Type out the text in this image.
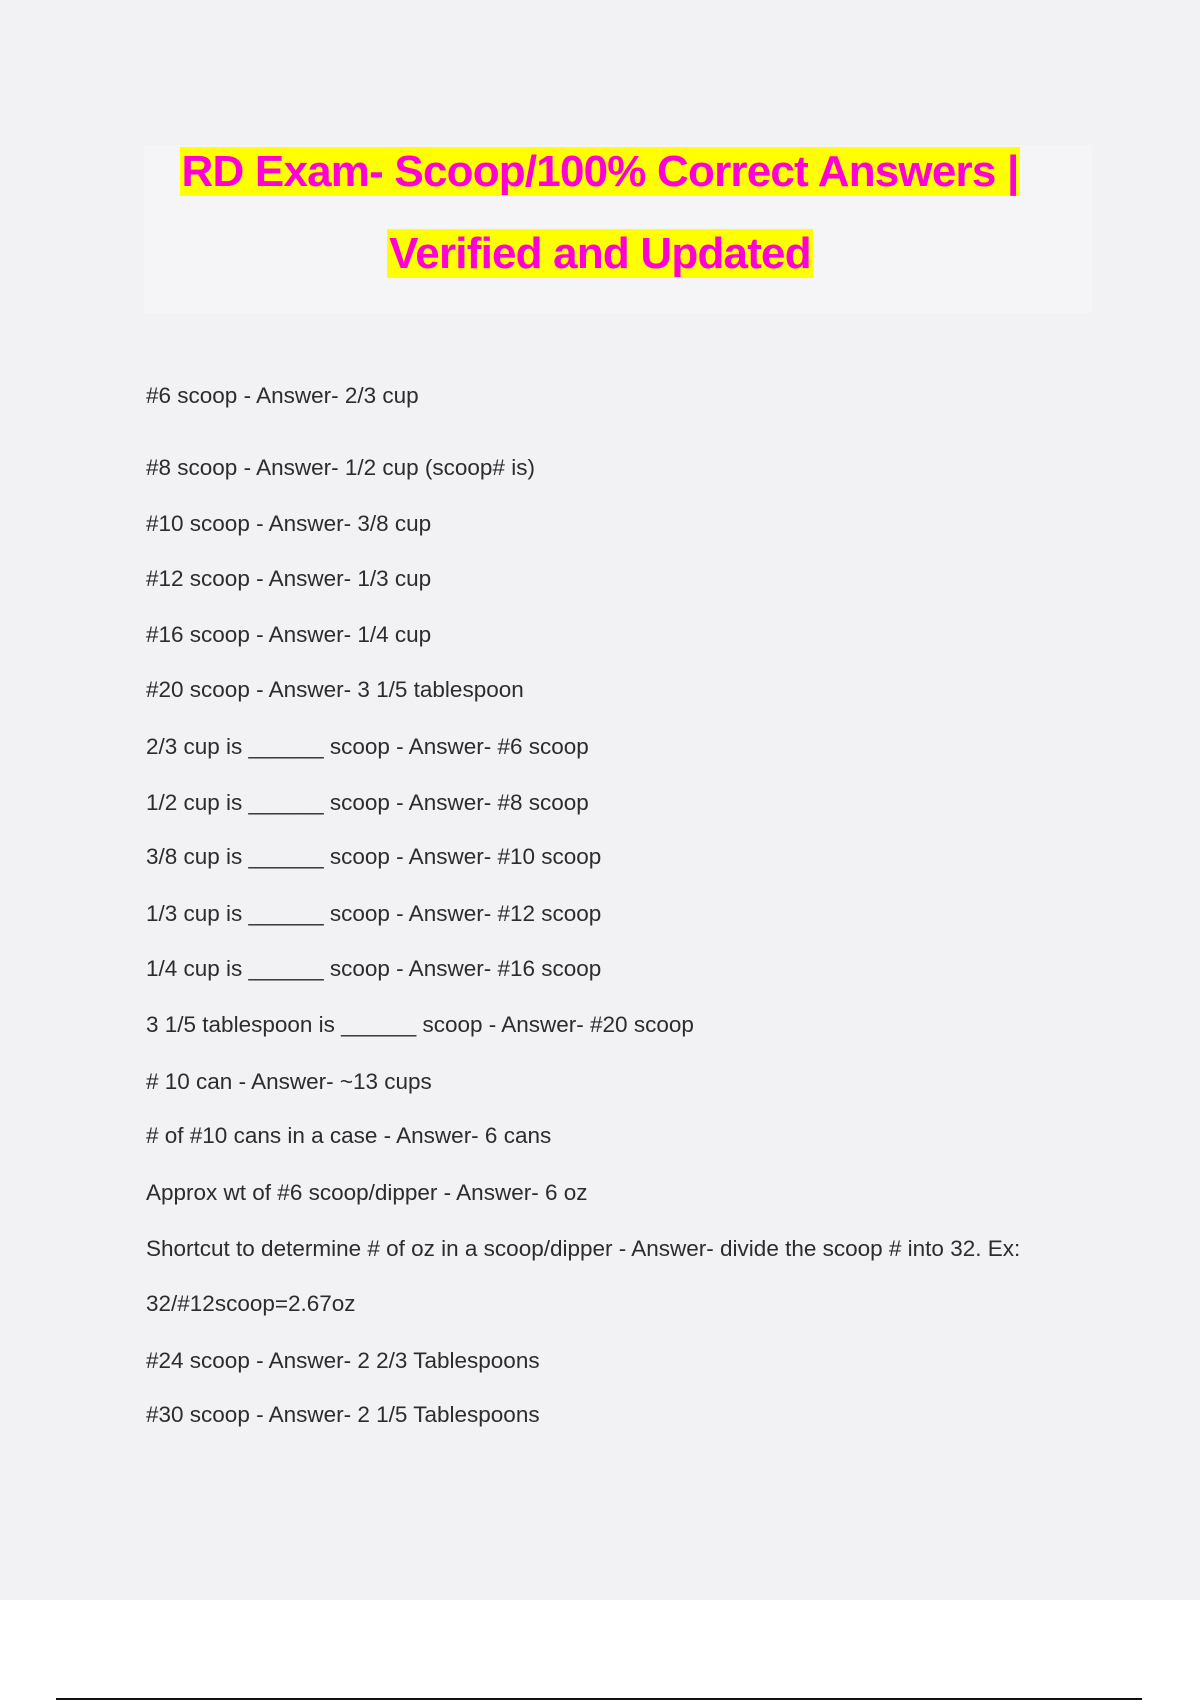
RD Exam- Scoop/100% Correct Answers |
Verified and Updated
#6 scoop - Answer- 2/3 cup
#8 scoop - Answer- 1/2 cup (scoop# is)
#10 scoop - Answer- 3/8 cup
#12 scoop - Answer- 1/3 cup
#16 scoop - Answer- 1/4 cup
#20 scoop - Answer- 3 1/5 tablespoon
2/3 cup is ______ scoop - Answer- #6 scoop
1/2 cup is ______ scoop - Answer- #8 scoop
3/8 cup is ______ scoop - Answer- #10 scoop
1/3 cup is ______ scoop - Answer- #12 scoop
1/4 cup is ______ scoop - Answer- #16 scoop
3 1/5 tablespoon is ______ scoop - Answer- #20 scoop
# 10 can - Answer- ~13 cups
# of #10 cans in a case - Answer- 6 cans
Approx wt of #6 scoop/dipper - Answer- 6 oz
Shortcut to determine # of oz in a scoop/dipper - Answer- divide the scoop # into 32. Ex:
32/#12scoop=2.67oz
#24 scoop - Answer- 2 2/3 Tablespoons
#30 scoop - Answer- 2 1/5 Tablespoons
